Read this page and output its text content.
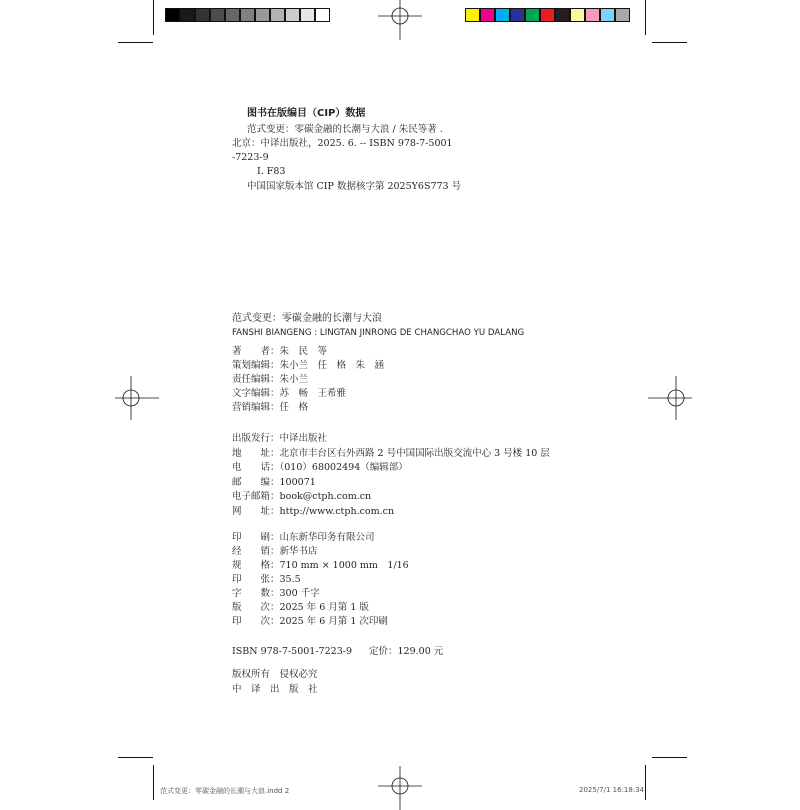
图书在版编目（CIP）数据
范式变更：零碳金融的长潮与大浪 / 朱民等著 .
北京：中译出版社，2025. 6. -- ISBN 978-7-5001
-7223-9
Ⅰ. F83
中国国家版本馆 CIP 数据核字第 2025Y6S773 号
范式变更：零碳金融的长潮与大浪
FANSHI BIANGENG : LINGTAN JINRONG DE CHANGCHAO YU DALANG
著　　者：朱　民　等
策划编辑：朱小兰　任　格　朱　涵
责任编辑：朱小兰
文字编辑：苏　畅　王希雅
营销编辑：任　格
出版发行：中译出版社
地　　址：北京市丰台区右外西路 2 号中国国际出版交流中心 3 号楼 10 层
电　　话：（010）68002494（编辑部）
邮　　编：100071
电子邮箱：book@ctph.com.cn
网　　址：http://www.ctph.com.cn
印　　刷：山东新华印务有限公司
经　　销：新华书店
规　　格：710 mm × 1000 mm　1/16
印　　张：35.5
字　　数：300 千字
版　　次：2025 年 6 月第 1 版
印　　次：2025 年 6 月第 1 次印刷
ISBN 978-7-5001-7223-9 定价：129.00 元
版权所有　侵权必究
中　译　出　版　社
范式变更：零碳金融的长潮与大浪.indd 2	2025/7/1 16:18:34
